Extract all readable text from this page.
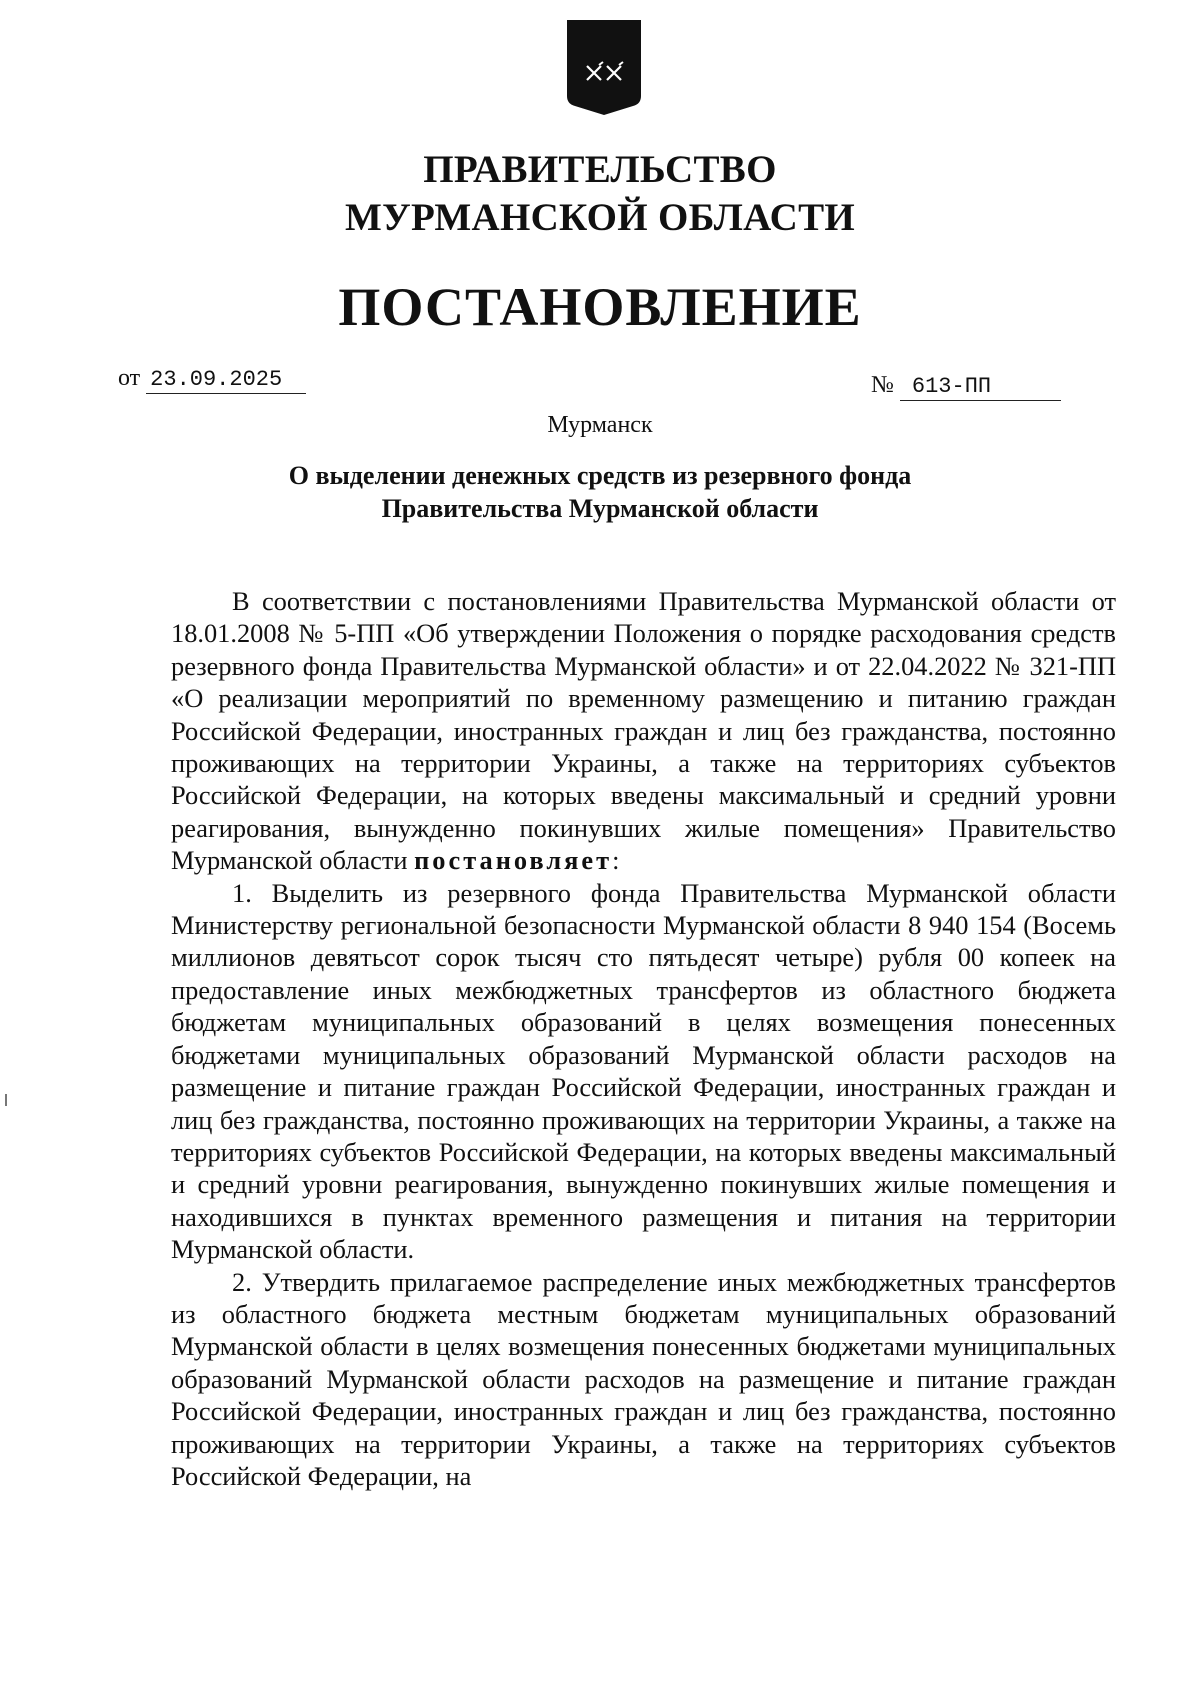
ПРАВИТЕЛЬСТВО
МУРМАНСКОЙ ОБЛАСТИ
ПОСТАНОВЛЕНИЕ
от 23.09.2025	№ 613-ПП
Мурманск
О выделении денежных средств из резервного фонда
Правительства Мурманской области

В соответствии с постановлениями Правительства Мурманской области от 18.01.2008 № 5-ПП «Об утверждении Положения о порядке расходования средств резервного фонда Правительства Мурманской области» и от 22.04.2022 № 321-ПП «О реализации мероприятий по временному размещению и питанию граждан Российской Федерации, иностранных граждан и лиц без гражданства, постоянно проживающих на территории Украины, а также на территориях субъектов Российской Федерации, на которых введены максимальный и средний уровни реагирования, вынужденно покинувших жилые помещения» Правительство Мурманской области постановляет:

1. Выделить из резервного фонда Правительства Мурманской области Министерству региональной безопасности Мурманской области 8 940 154 (Восемь миллионов девятьсот сорок тысяч сто пятьдесят четыре) рубля 00 копеек на предоставление иных межбюджетных трансфертов из областного бюджета бюджетам муниципальных образований в целях возмещения понесенных бюджетами муниципальных образований Мурманской области расходов на размещение и питание граждан Российской Федерации, иностранных граждан и лиц без гражданства, постоянно проживающих на территории Украины, а также на территориях субъектов Российской Федерации, на которых введены максимальный и средний уровни реагирования, вынужденно покинувших жилые помещения и находившихся в пунктах временного размещения и питания на территории Мурманской области.

2. Утвердить прилагаемое распределение иных межбюджетных трансфертов из областного бюджета местным бюджетам муниципальных образований Мурманской области в целях возмещения понесенных бюджетами муниципальных образований Мурманской области расходов на размещение и питание граждан Российской Федерации, иностранных граждан и лиц без гражданства, постоянно проживающих на территории Украины, а также на территориях субъектов Российской Федерации, на
